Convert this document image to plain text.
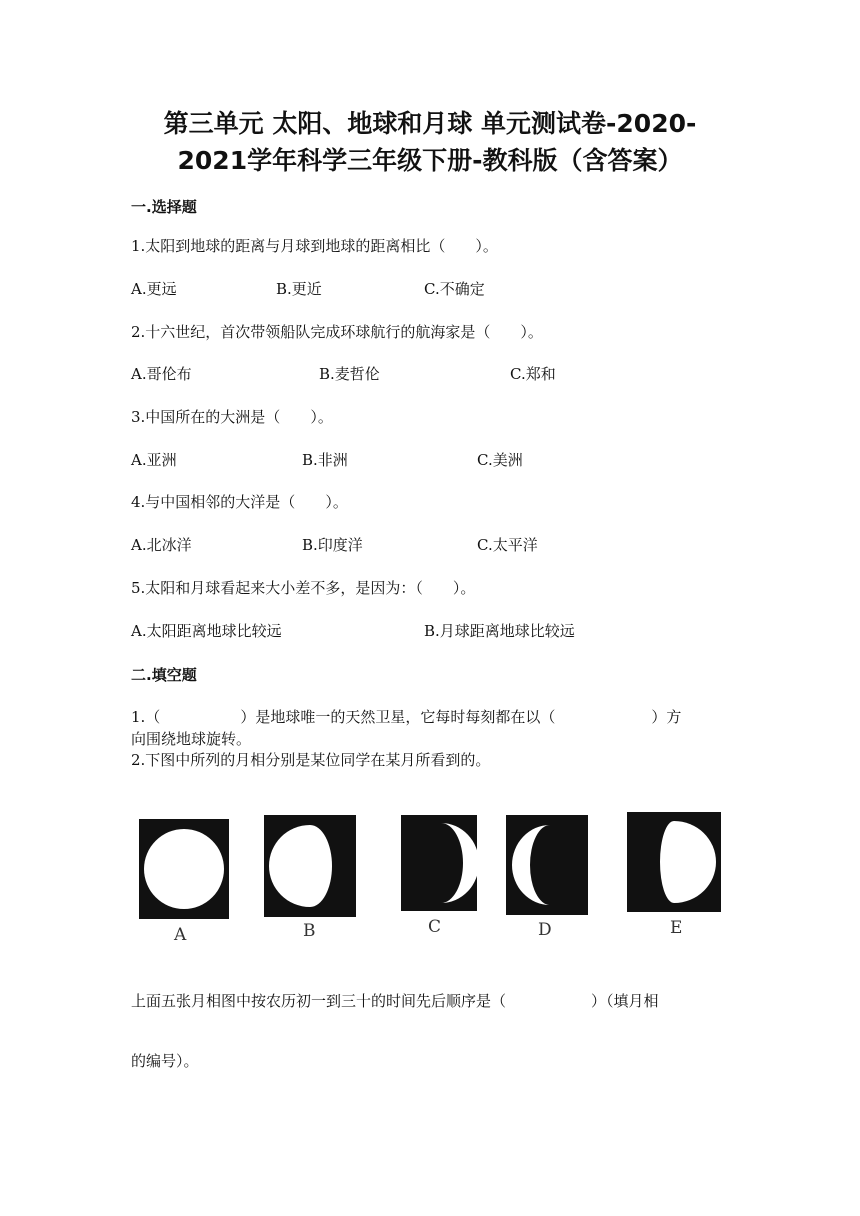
第三单元 太阳、地球和月球 单元测试卷-2020-
2021学年科学三年级下册-教科版（含答案）
一.选择题
1.太阳到地球的距离与月球到地球的距离相比（　　）。
A.更远	B.更近	C.不确定
2.十六世纪，首次带领船队完成环球航行的航海家是（　　）。
A.哥伦布	B.麦哲伦	C.郑和
3.中国所在的大洲是（　　）。
A.亚洲	B.非洲	C.美洲
4.与中国相邻的大洋是（　　）。
A.北冰洋	B.印度洋	C.太平洋
5.太阳和月球看起来大小差不多，是因为：（　　）。
A.太阳距离地球比较远	B.月球距离地球比较远
二.填空题
1.（	）是地球唯一的天然卫星，它每时每刻都在以（	）方
向围绕地球旋转。
2.下图中所列的月相分别是某位同学在某月所看到的。
A	B	C	D	E
上面五张月相图中按农历初一到三十的时间先后顺序是（	）（填月相
的编号）。
